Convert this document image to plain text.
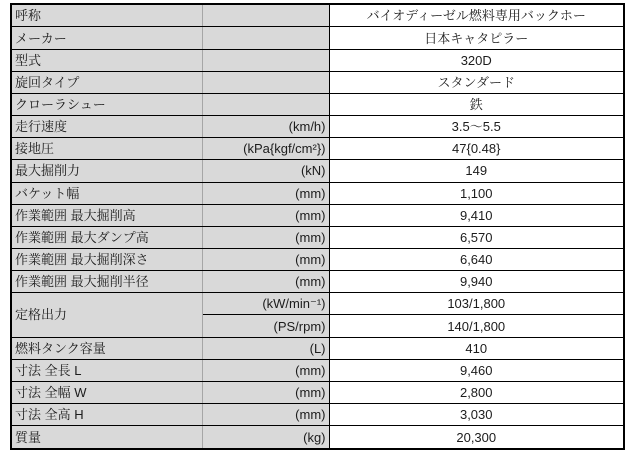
呼称		バイオディーゼル燃料専用バックホー
メーカー		日本キャタピラー
型式		320D
旋回タイプ		スタンダード
クローラシュー		鉄
走行速度	(km/h)	3.5～5.5
接地圧	(kPa{kgf/cm²})	47{0.48}
最大掘削力	(kN)	149
バケット幅	(mm)	1,100
作業範囲 最大掘削高	(mm)	9,410
作業範囲 最大ダンプ高	(mm)	6,570
作業範囲 最大掘削深さ	(mm)	6,640
作業範囲 最大掘削半径	(mm)	9,940
定格出力	(kW/min⁻¹)	103/1,800
	(PS/rpm)	140/1,800
燃料タンク容量	(L)	410
寸法 全長 L	(mm)	9,460
寸法 全幅 W	(mm)	2,800
寸法 全高 H	(mm)	3,030
質量	(kg)	20,300
